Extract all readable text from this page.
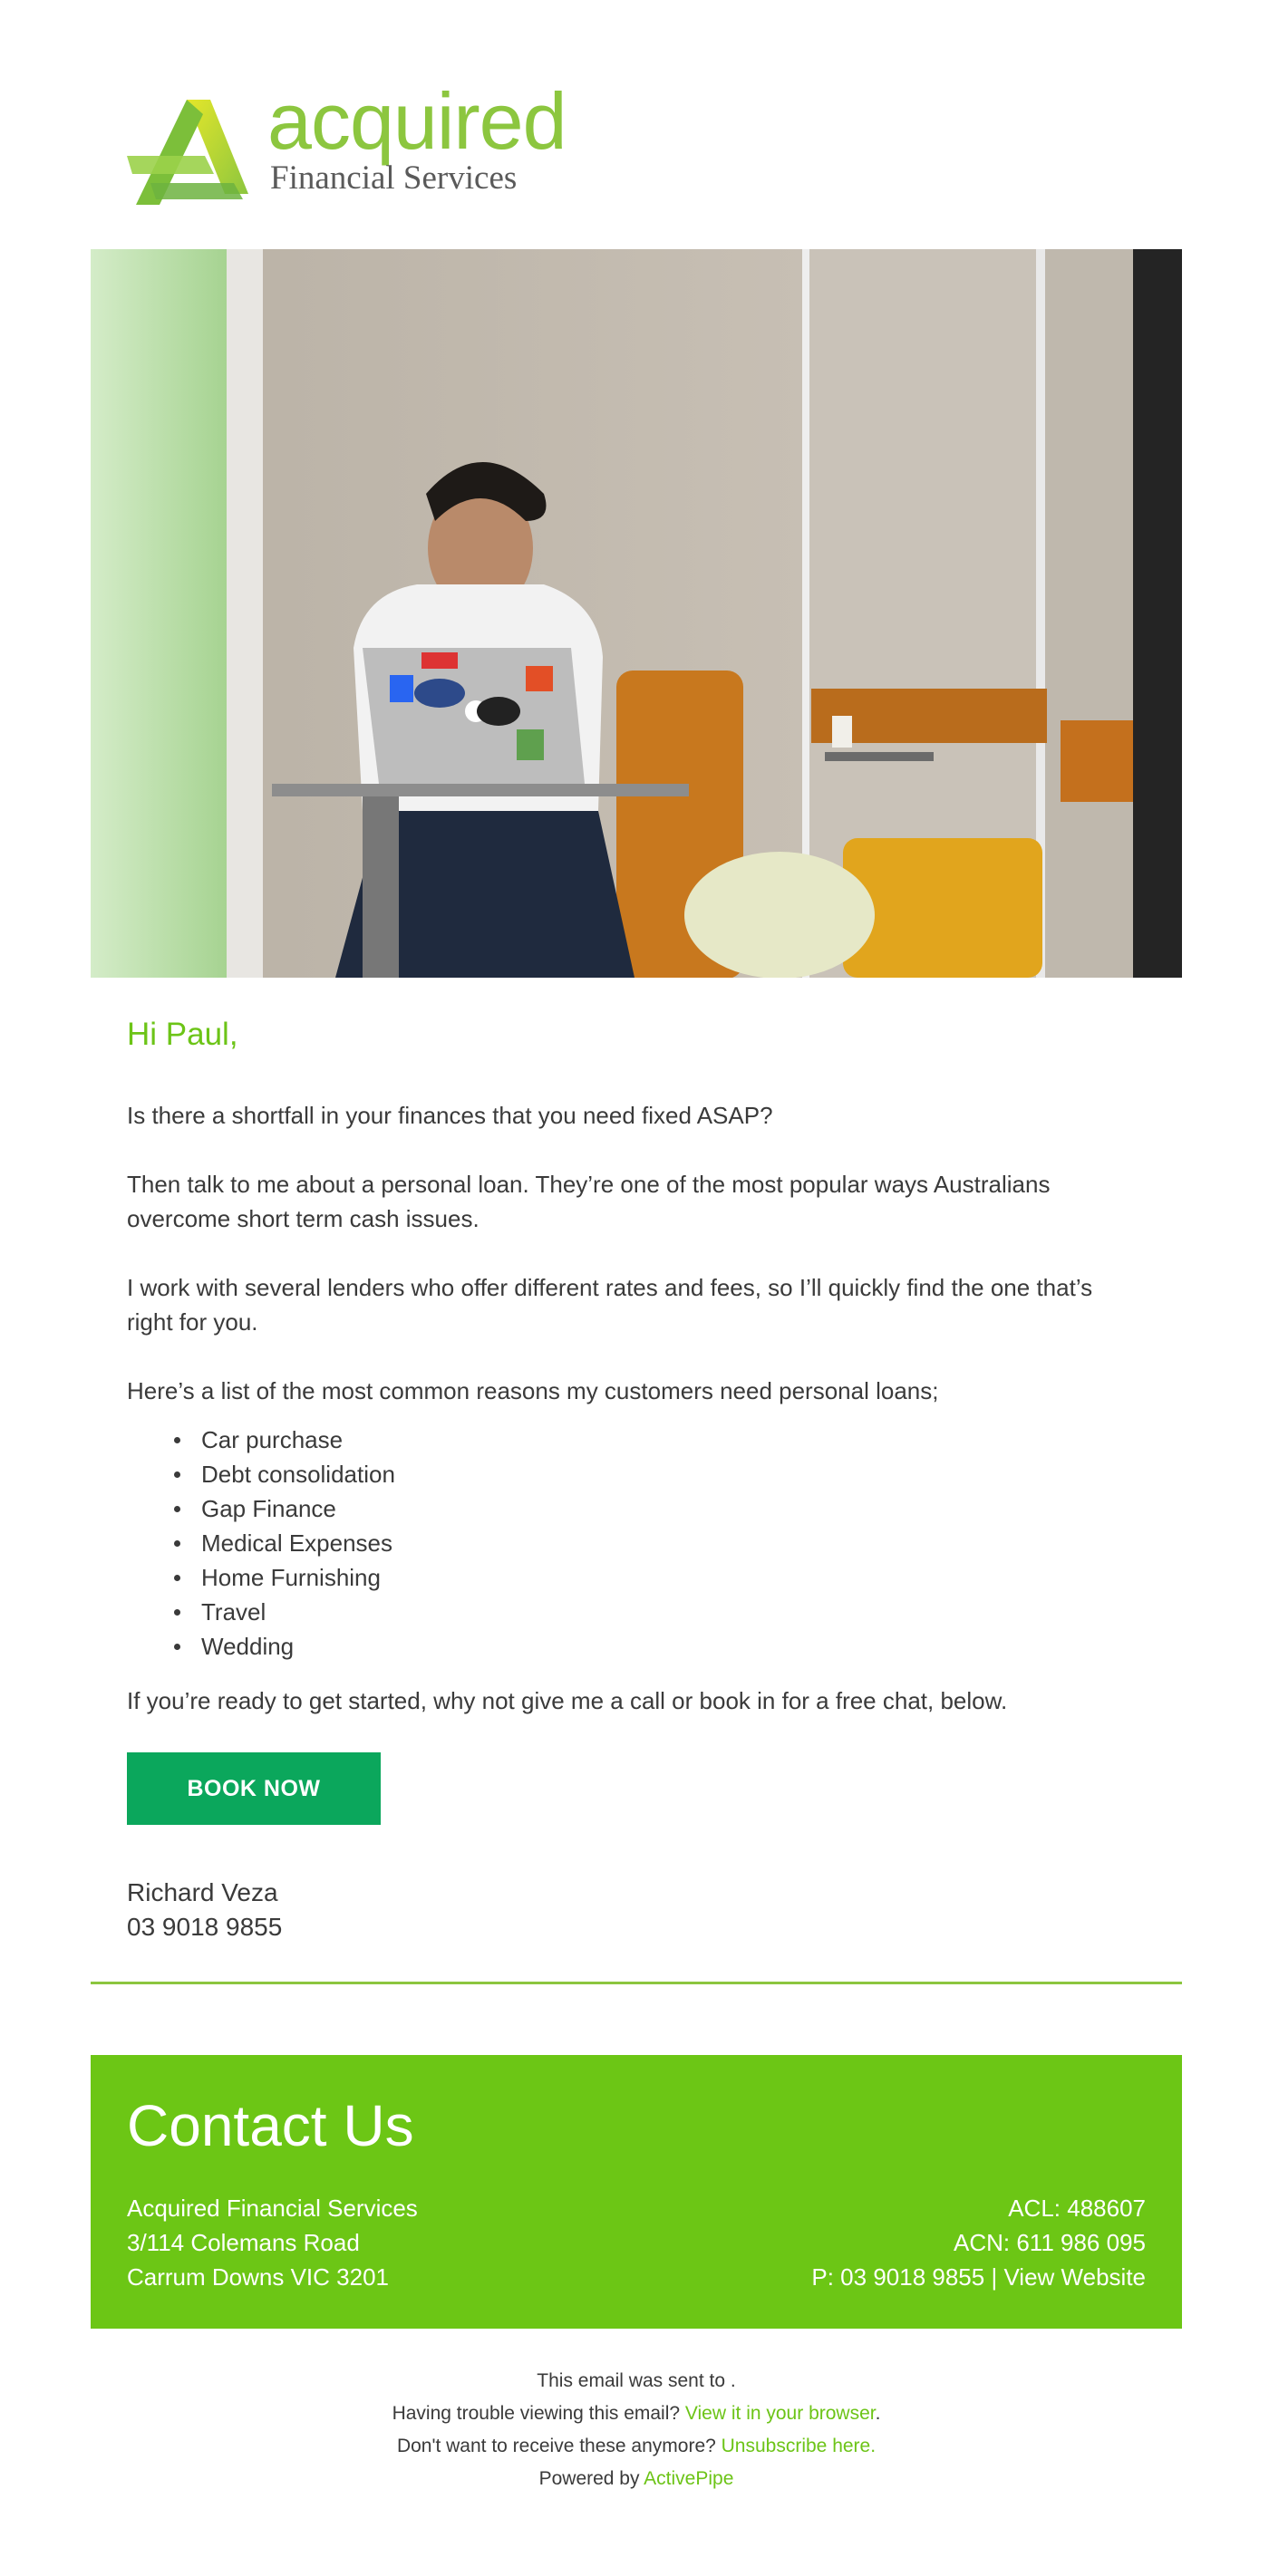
acquired
Financial Services
Hi Paul,

Is there a shortfall in your finances that you need fixed ASAP?

Then talk to me about a personal loan. They’re one of the most popular ways Australians overcome short term cash issues.

I work with several lenders who offer different rates and fees, so I’ll quickly find the one that’s right for you.

Here’s a list of the most common reasons my customers need personal loans;

Car purchase
Debt consolidation
Gap Finance
Medical Expenses
Home Furnishing
Travel
Wedding

If you’re ready to get started, why not give me a call or book in for a free chat, below.

BOOK NOW
Richard Veza
03 9018 9855
Contact Us
Acquired Financial Services
3/114 Colemans Road
Carrum Downs VIC 3201
ACL: 488607
ACN: 611 986 095
P: 03 9018 9855 | View Website
This email was sent to .
Having trouble viewing this email? View it in your browser.
Don't want to receive these anymore? Unsubscribe here.
Powered by ActivePipe
